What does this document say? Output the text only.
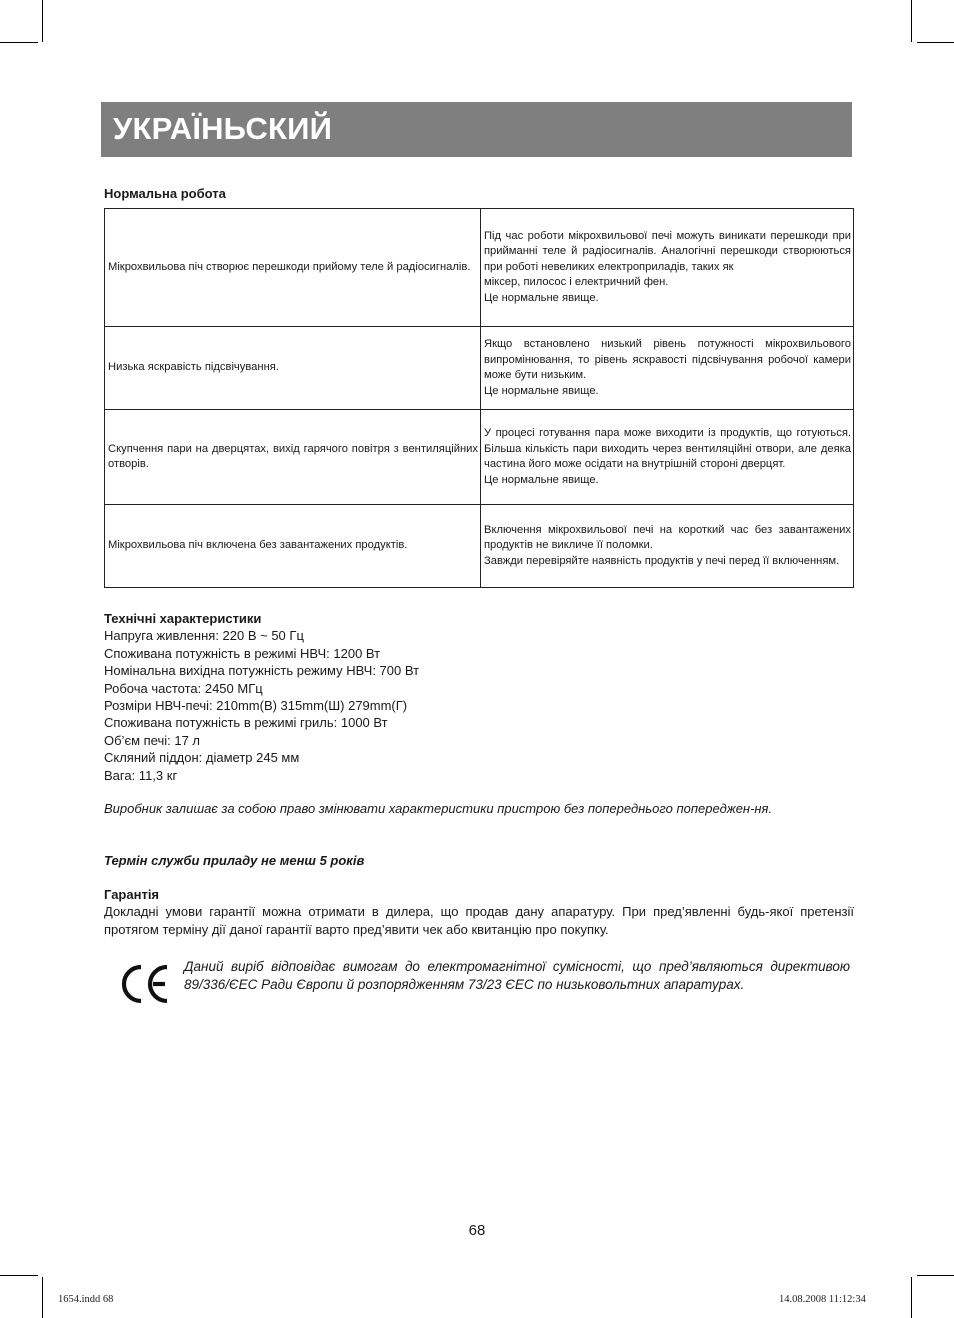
УКРАЇНЬСКИЙ
Нормальна робота
Мікрохвильова піч створює перешкоди прийому теле й радіосигналів.	Під час роботи мікрохвильової печі можуть виникати перешкоди при прийманні теле й радіосигналів. Аналогічні перешкоди створюються при роботі невеликих електроприладів, таких як
міксер, пилосос і електричний фен.
Це нормальне явище.

Низька яскравість підсвічування.	Якщо встановлено низький рівень потужності мікрохвильового випромінювання, то рівень яскравості підсвічування робочої камери може бути низьким.
Це нормальне явище.

Скупчення пари на дверцятах, вихід гарячого повітря з вентиляційних отворів.	У процесі готування пара може виходити із продуктів, що готуються. Більша кількість пари виходить через вентиляційні отвори, але деяка частина його може осідати на внутрішній стороні дверцят.
Це нормальне явище.

Мікрохвильова піч включена без завантажених продуктів.	Включення мікрохвильової печі на короткий час без завантажених продуктів не викличе її поломки.
Завжди перевіряйте наявність продуктів у печі перед її включенням.
Технічні характеристики
Напруга живлення: 220 В ~ 50 Гц
Споживана потужність в режимі НВЧ: 1200 Вт
Номінальна вихідна потужність режиму НВЧ: 700 Вт
Робоча частота: 2450 МГц
Розміри НВЧ-печі: 210mm(В) 315mm(Ш) 279mm(Г)
Споживана потужність в режимі гриль: 1000 Вт
Об’єм печі: 17 л
Скляний піддон: діаметр 245 мм
Вага: 11,3 кг
Виробник залишає за собою право змінювати характеристики пристрою без попереднього попереджен-ня.
Термін служби приладу не менш 5 років
Гарантія
Докладні умови гарантії можна отримати в дилера, що продав дану апаратуру. При пред’явленні будь-якої претензії протягом терміну дії даної гарантії варто пред’явити чек або квитанцію про покупку.
Даний виріб відповідає вимогам до електромагнітної сумісності, що пред’являються директивою 89/336/ЄЕС Ради Європи й розпорядженням 73/23 ЄЕС по низьковольтних апаратурах.
68
1654.indd 68	14.08.2008 11:12:34
